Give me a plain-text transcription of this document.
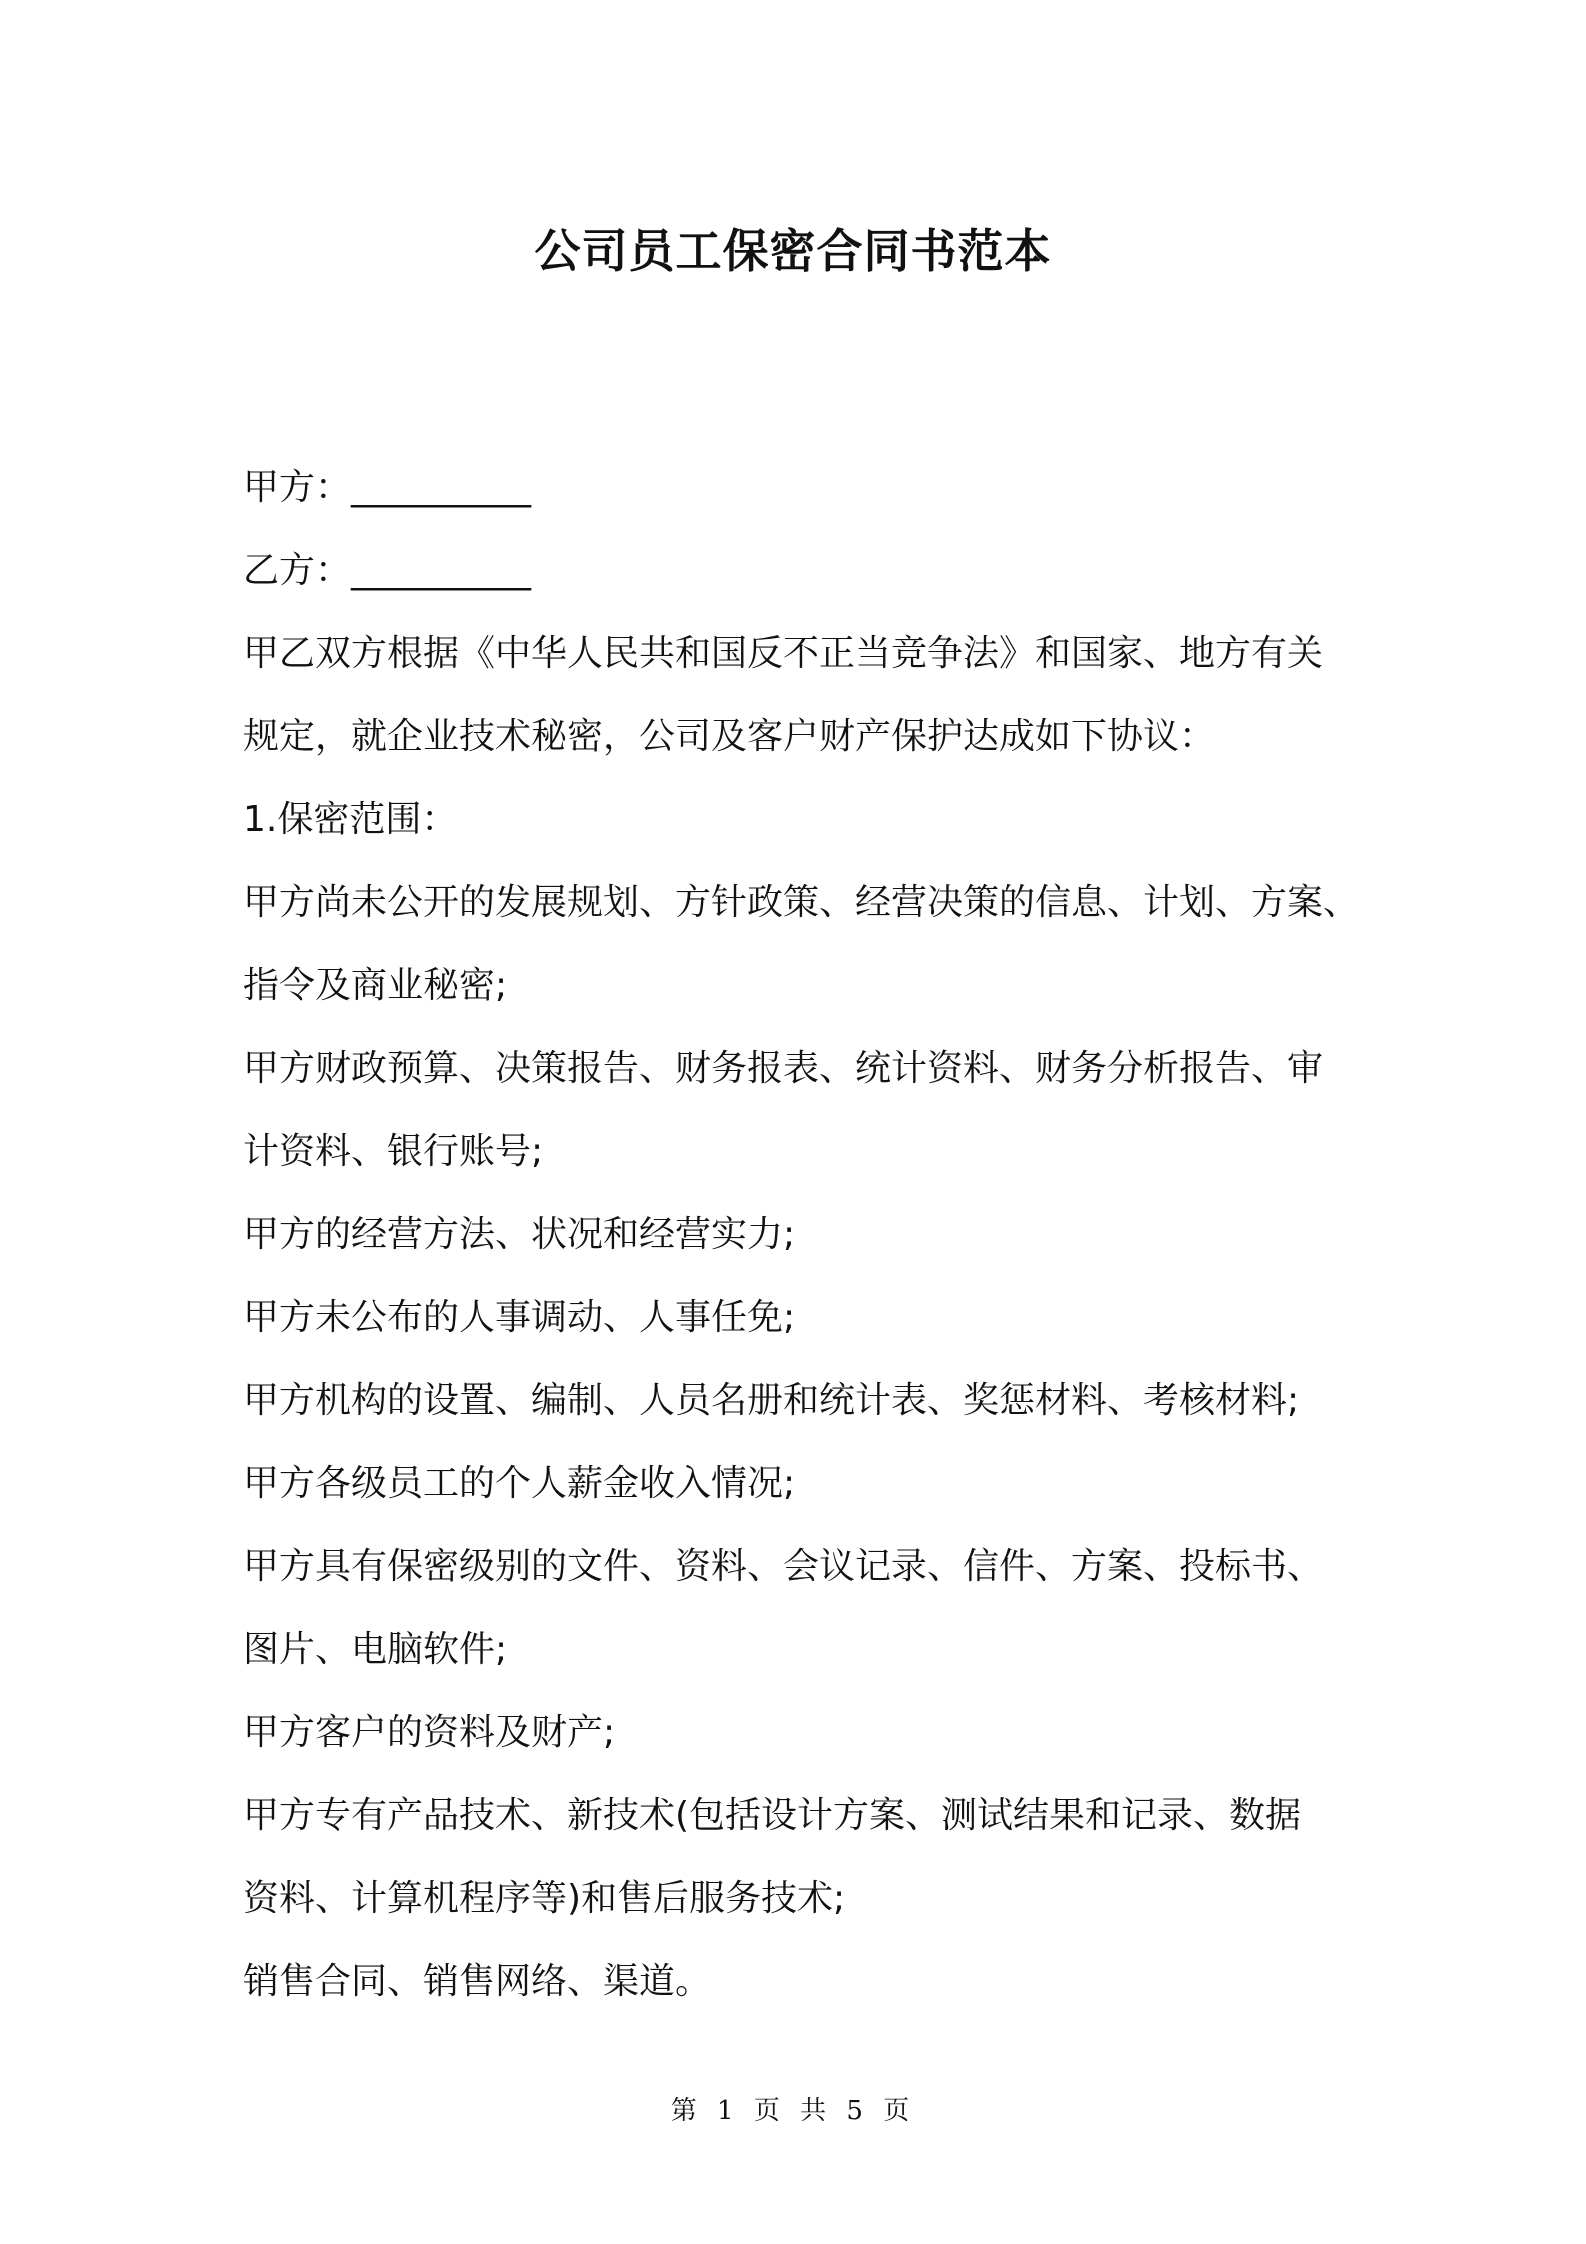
公司员工保密合同书范本
甲方：__________
乙方：__________
甲乙双方根据《中华人民共和国反不正当竞争法》和国家、地方有关
规定，就企业技术秘密，公司及客户财产保护达成如下协议：
1.保密范围：
甲方尚未公开的发展规划、方针政策、经营决策的信息、计划、方案、
指令及商业秘密;
甲方财政预算、决策报告、财务报表、统计资料、财务分析报告、审
计资料、银行账号;
甲方的经营方法、状况和经营实力;
甲方未公布的人事调动、人事任免;
甲方机构的设置、编制、人员名册和统计表、奖惩材料、考核材料;
甲方各级员工的个人薪金收入情况;
甲方具有保密级别的文件、资料、会议记录、信件、方案、投标书、
图片、电脑软件;
甲方客户的资料及财产;
甲方专有产品技术、新技术(包括设计方案、测试结果和记录、数据
资料、计算机程序等)和售后服务技术;
销售合同、销售网络、渠道。
第 1 页 共 5 页
